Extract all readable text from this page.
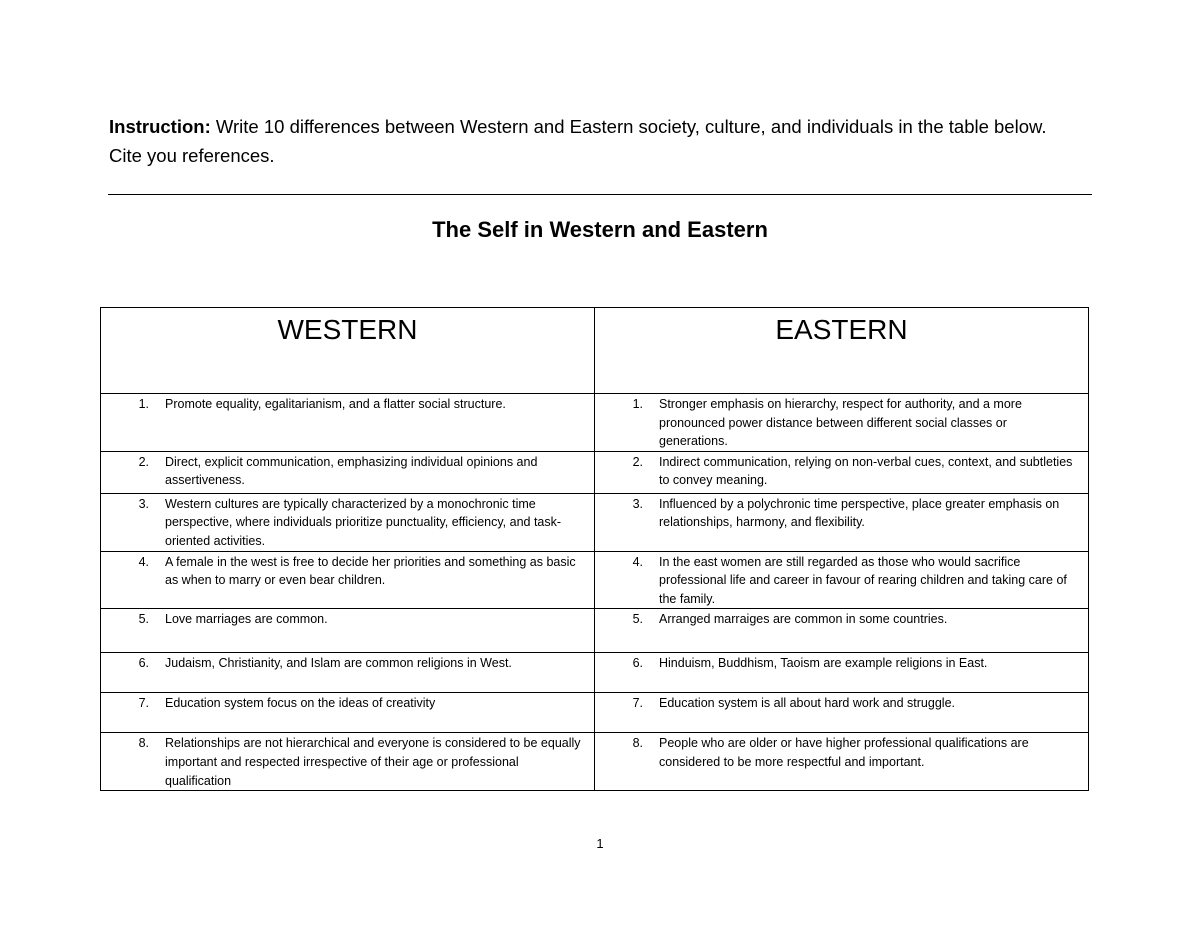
Instruction: Write 10 differences between Western and Eastern society, culture, and individuals in the table below. Cite you references.
The Self in Western and Eastern
WESTERN	EASTERN

1. Promote equality, egalitarianism, and a flatter social structure.	1. Stronger emphasis on hierarchy, respect for authority, and a more pronounced power distance between different social classes or generations.

2. Direct, explicit communication, emphasizing individual opinions and assertiveness.	2. Indirect communication, relying on non-verbal cues, context, and subtleties to convey meaning.

3. Western cultures are typically characterized by a monochronic time perspective, where individuals prioritize punctuality, efficiency, and task-oriented activities.	3. Influenced by a polychronic time perspective, place greater emphasis on relationships, harmony, and flexibility.

4. A female in the west is free to decide her priorities and something as basic as when to marry or even bear children.	4. In the east women are still regarded as those who would sacrifice professional life and career in favour of rearing children and taking care of the family.

5. Love marriages are common.	5. Arranged marraiges are common in some countries.

6. Judaism, Christianity, and Islam are common religions in West.	6. Hinduism, Buddhism, Taoism are example religions in East.

7. Education system focus on the ideas of creativity	7. Education system is all about hard work and struggle.

8. Relationships are not hierarchical and everyone is considered to be equally important and respected irrespective of their age or professional qualification	8. People who are older or have higher professional qualifications are considered to be more respectful and important.
1
